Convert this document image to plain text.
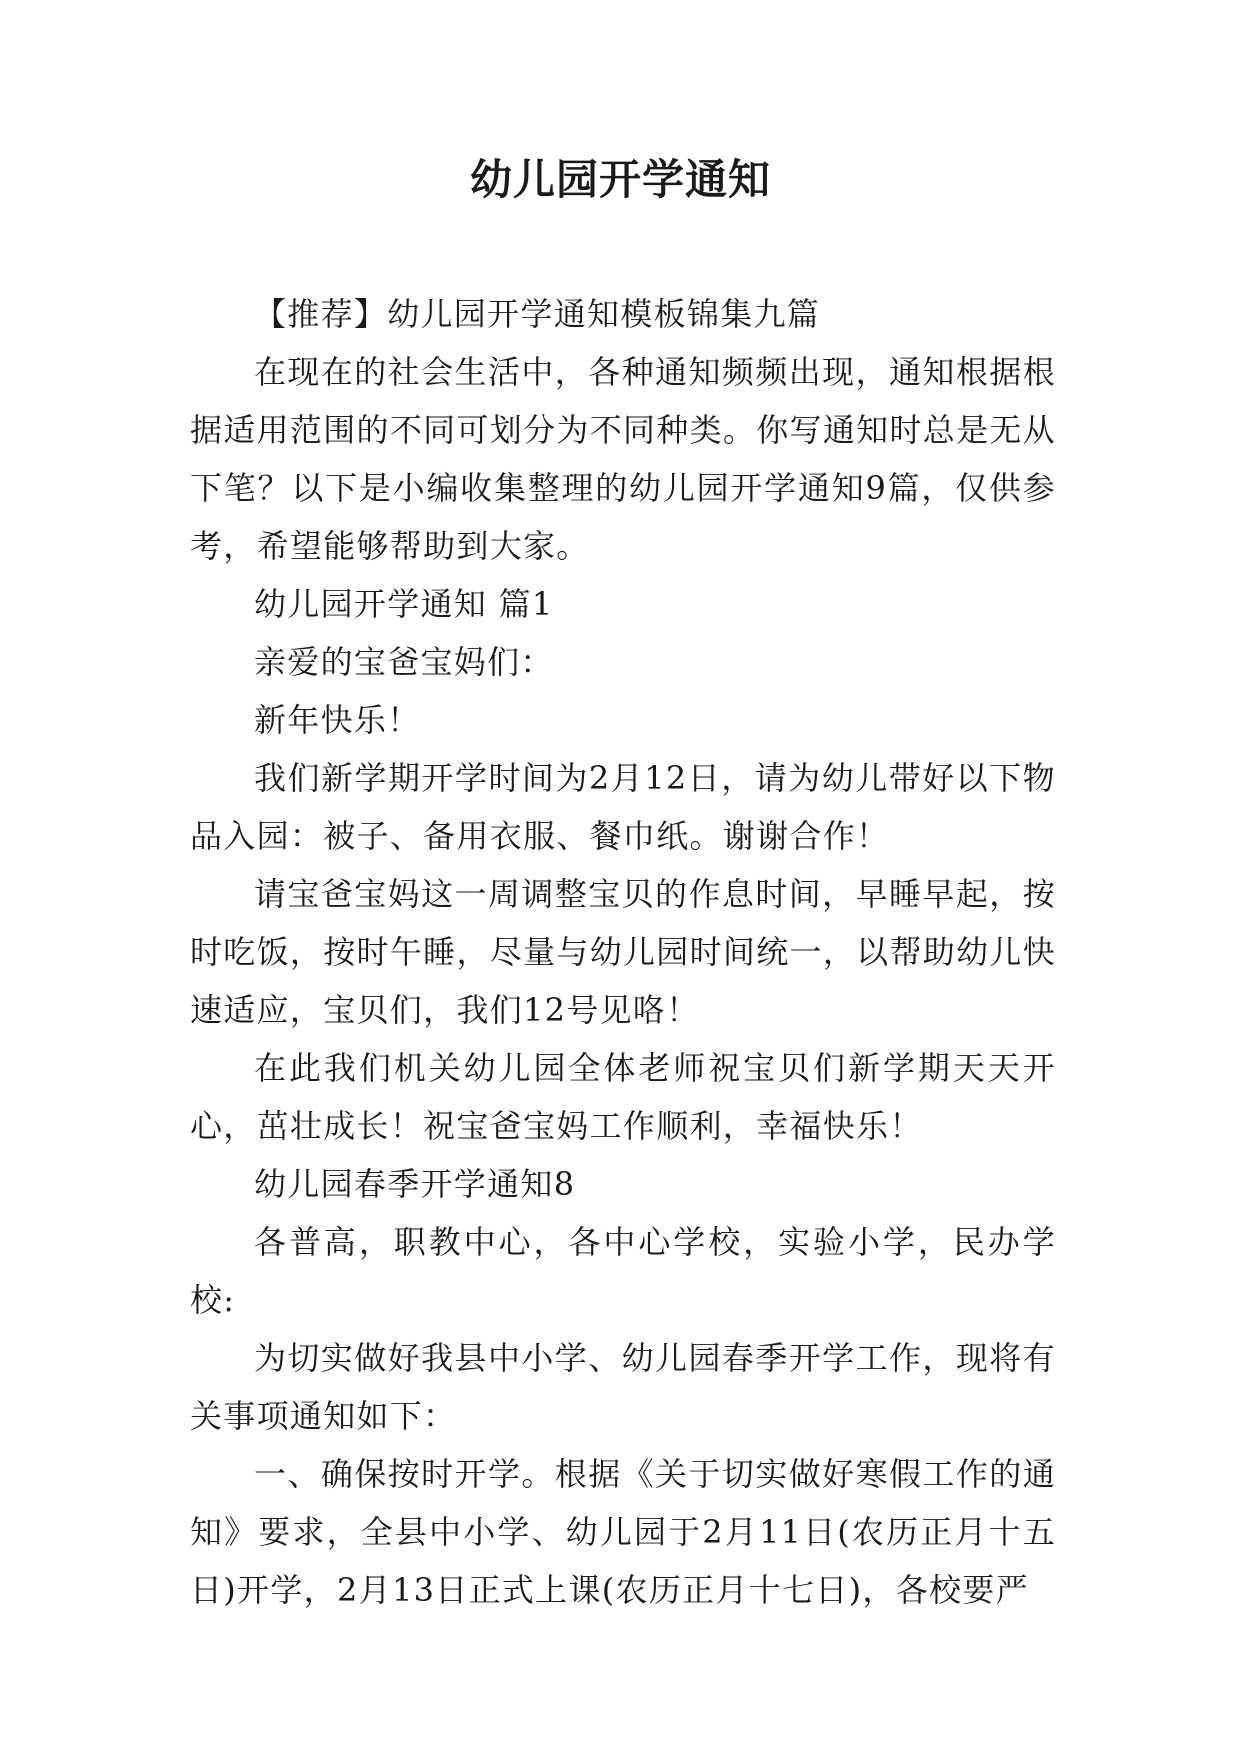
幼儿园开学通知

【推荐】幼儿园开学通知模板锦集九篇

在现在的社会生活中，各种通知频频出现，通知根据根据适用范围的不同可划分为不同种类。你写通知时总是无从下笔？以下是小编收集整理的幼儿园开学通知9篇，仅供参考，希望能够帮助到大家。

幼儿园开学通知 篇1

亲爱的宝爸宝妈们：

新年快乐！

我们新学期开学时间为2月12日，请为幼儿带好以下物品入园：被子、备用衣服、餐巾纸。谢谢合作！

请宝爸宝妈这一周调整宝贝的作息时间，早睡早起，按时吃饭，按时午睡，尽量与幼儿园时间统一，以帮助幼儿快速适应，宝贝们，我们12号见咯！

在此我们机关幼儿园全体老师祝宝贝们新学期天天开心，茁壮成长！祝宝爸宝妈工作顺利，幸福快乐！

幼儿园春季开学通知8

各普高，职教中心，各中心学校，实验小学，民办学校:

为切实做好我县中小学、幼儿园春季开学工作，现将有关事项通知如下：

一、确保按时开学。根据《关于切实做好寒假工作的通知》要求，全县中小学、幼儿园于2月11日(农历正月十五日)开学，2月13日正式上课(农历正月十七日)，各校要严
